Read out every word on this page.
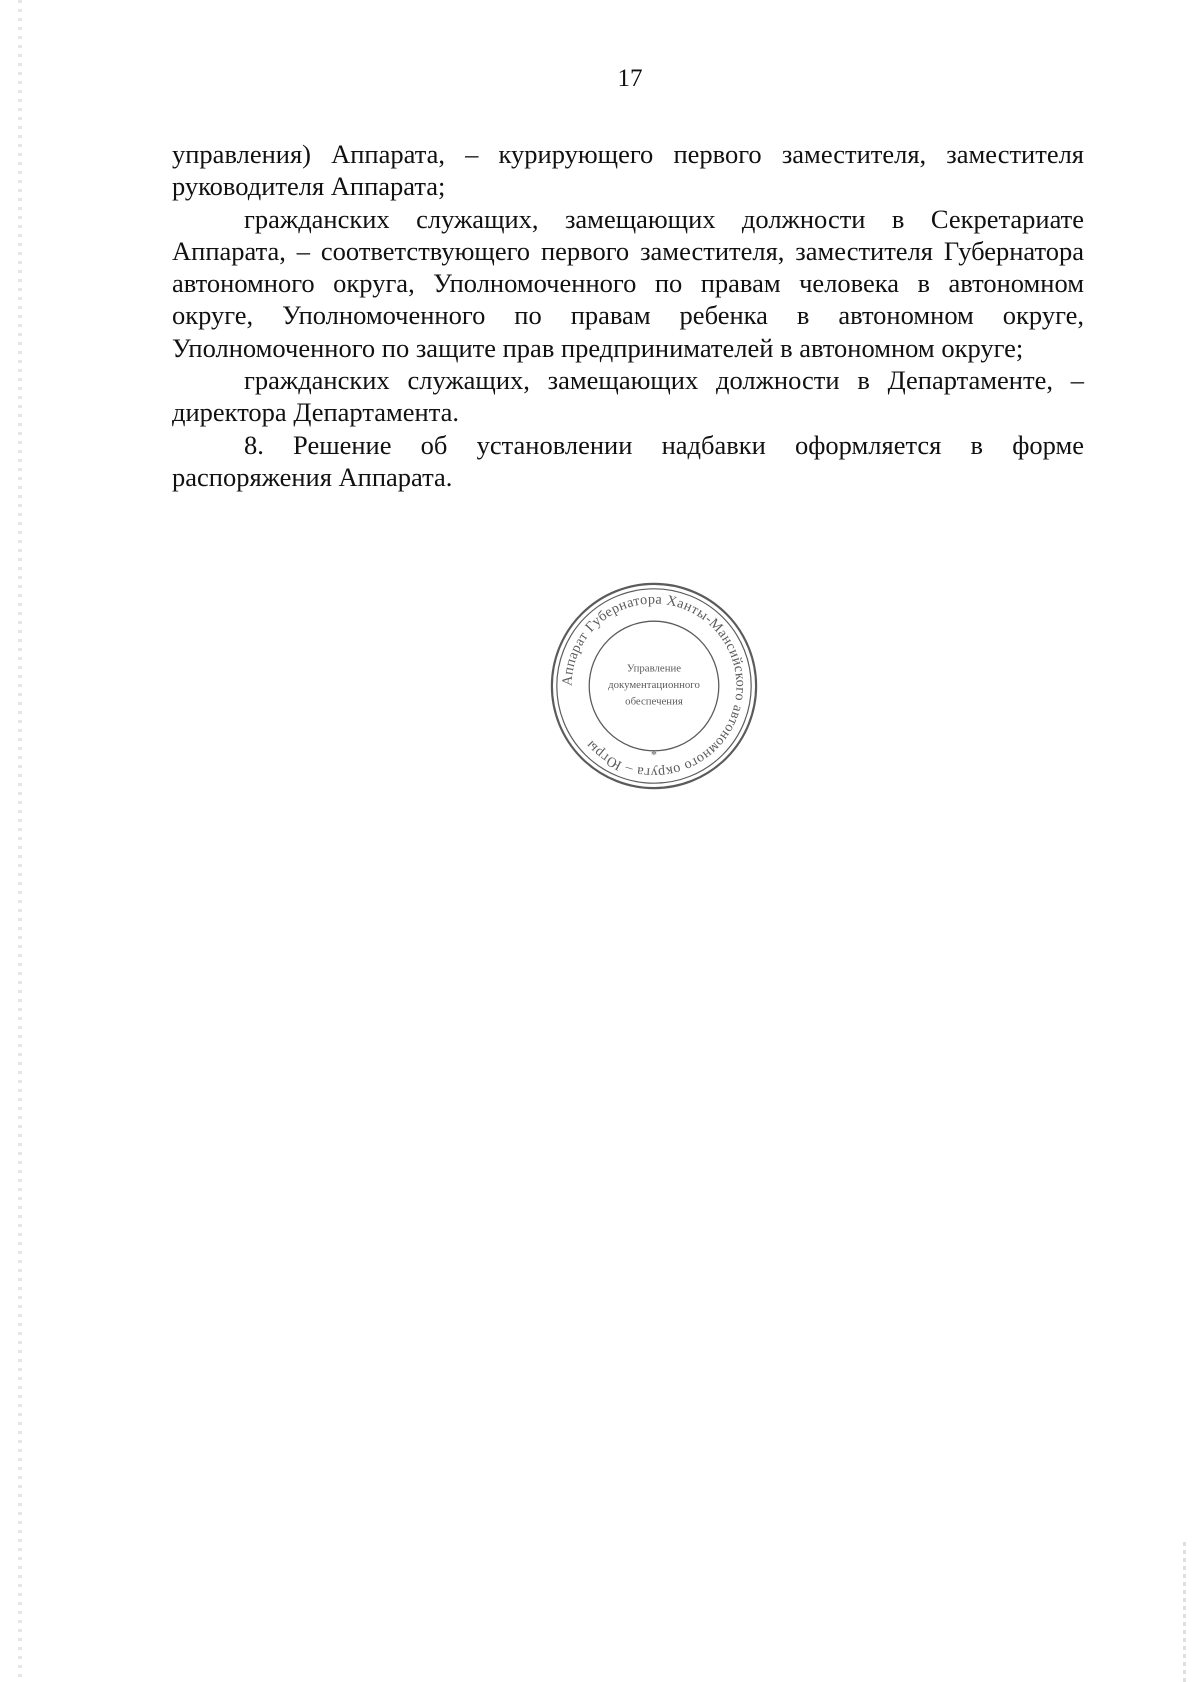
17

управления) Аппарата, – курирующего первого заместителя, заместителя руководителя Аппарата;

гражданских служащих, замещающих должности в Секретариате Аппарата, – соответствующего первого заместителя, заместителя Губернатора автономного округа, Уполномоченного по правам человека в автономном округе, Уполномоченного по правам ребенка в автономном округе, Уполномоченного по защите прав предпринимателей в автономном округе;

гражданских служащих, замещающих должности в Департаменте, – директора Департамента.

8. Решение об установлении надбавки оформляется в форме распоряжения Аппарата.

Аппарат Губернатора Ханты-Мансийского автономного округа – Югры
Управление
документационного
обеспечения
*
